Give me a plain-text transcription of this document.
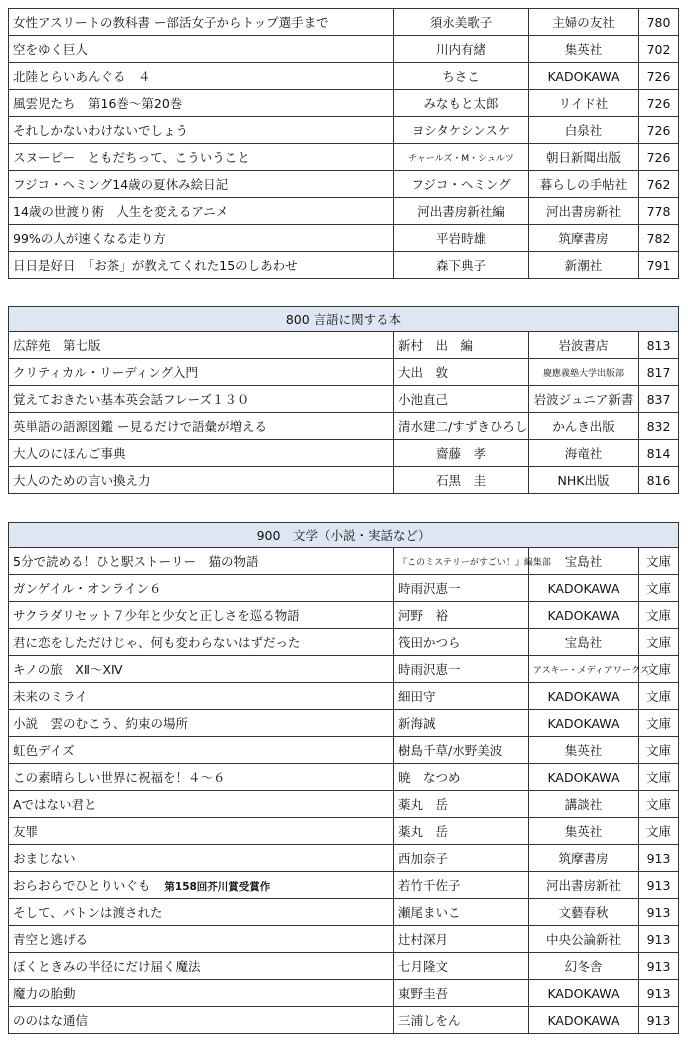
女性アスリートの教科書 ー部活女子からトップ選手まで	須永美歌子	主婦の友社	780
空をゆく巨人	川内有緒	集英社	702
北陸とらいあんぐる　４	ちさこ	KADOKAWA	726
風雲児たち　第16巻〜第20巻	みなもと太郎	リイド社	726
それしかないわけないでしょう	ヨシタケシンスケ	白泉社	726
スヌーピー　ともだちって、こういうこと	チャールズ・M・シュルツ	朝日新聞出版	726
フジコ・ヘミング14歳の夏休み絵日記	フジコ・ヘミング	暮らしの手帖社	762
14歳の世渡り術　人生を変えるアニメ	河出書房新社編	河出書房新社	778
99%の人が速くなる走り方	平岩時雄	筑摩書房	782
日日是好日　「お茶」が教えてくれた15のしあわせ	森下典子	新潮社	791
800 言語に関する本			
広辞苑　第七版	新村　出　編	岩波書店	813
クリティカル・リーディング入門	大出　敦	慶應義塾大学出版部	817
覚えておきたい基本英会話フレーズ１３０	小池直己	岩波ジュニア新書	837
英単語の語源図鑑 ー見るだけで語彙が増える	清水建二/すずきひろし	かんき出版	832
大人のにほんご事典	齋藤　孝	海竜社	814
大人のための言い換え力	石黒　圭	NHK出版	816
900　文学（小説・実話など）			
5分で読める！ひと駅ストーリー　猫の物語	『このミステリーがすごい！』編集部	宝島社	文庫
ガンゲイル・オンライン６	時雨沢恵一	KADOKAWA	文庫
サクラダリセット７少年と少女と正しさを巡る物語	河野　裕	KADOKAWA	文庫
君に恋をしただけじゃ、何も変わらないはずだった	筏田かつら	宝島社	文庫
キノの旅　ⅩⅡ〜ⅩⅣ	時雨沢恵一	アスキー・メディアワークス	文庫
未来のミライ	細田守	KADOKAWA	文庫
小説　雲のむこう、約束の場所	新海誠	KADOKAWA	文庫
虹色デイズ	樹島千草/水野美波	集英社	文庫
この素晴らしい世界に祝福を！４〜６	暁　なつめ	KADOKAWA	文庫
Aではない君と	薬丸　岳	講談社	文庫
友罪	薬丸　岳	集英社	文庫
おまじない	西加奈子	筑摩書房	913
おらおらでひとりいぐも 第158回芥川賞受賞作	若竹千佐子	河出書房新社	913
そして、バトンは渡された	瀬尾まいこ	文藝春秋	913
青空と逃げる	辻村深月	中央公論新社	913
ぼくときみの半径にだけ届く魔法	七月隆文	幻冬舎	913
魔力の胎動	東野圭吾	KADOKAWA	913
ののはな通信	三浦しをん	KADOKAWA	913
